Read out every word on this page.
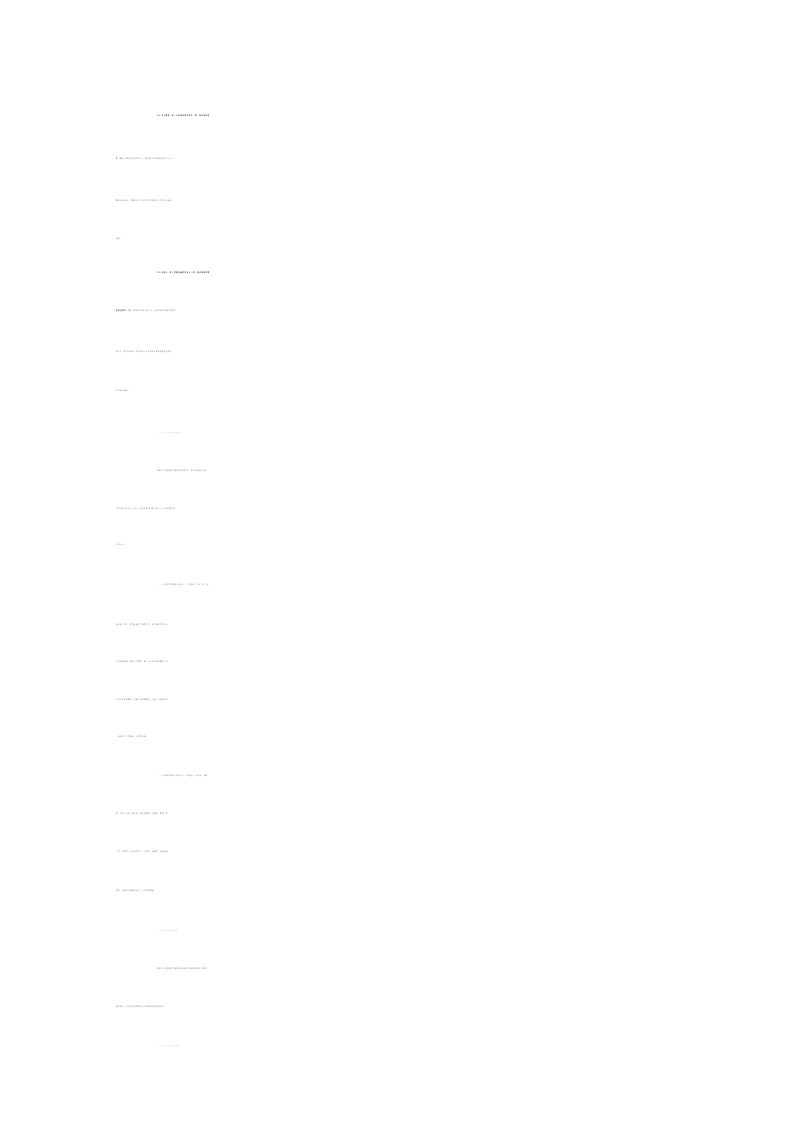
11.卫生健康（类）行政事业单位医疗（款）事业单位医
疗（项）2024年预算47万元，比2023年预算减少20万元，下
降100.00%，下降原因主要是单位医疗保险个人部分不在纳入
预算。
12.农林水（类）普惠金融发展支出（款）创业担保贷款
贴息及奖补（项）2024年预算130万元，比2023年预算增加13
0万元，增长100%，增长原因主要是创业担保贷款贴息及奖补
项目纳入预算。
泗县人力资源和社会保障局2024年一般公共预算基本支
出1709.52万元，其中，人员经费1414.49万元，公用经费295
.03万元。
（一）人员经费1414.49万元，主要包括：基本工资、津
贴补贴、奖金、伙食补助费、绩效工资、机关事业单位基本
养老保险缴费、职业年金缴费、职工基本医疗保险缴费、公
务员医疗补助缴费、其他社会保障缴费、其他工资福利支出
、退休费、生活补助、医疗费补助。
（二）公用经费295.03万元，主要包括：办公费、印刷
费、水费、电费、邮电费、物业管理费、差旅费、维修（护
）费、培训费、公务接待费、工会经费、福利费、其他交通
费用、其他商品和服务支出、办公设备购置。
泗县人力资源和社会保障局2024年没有政府性基金预算
拨款收入，也没有使用政府性基金预算拨款安排的支出。
